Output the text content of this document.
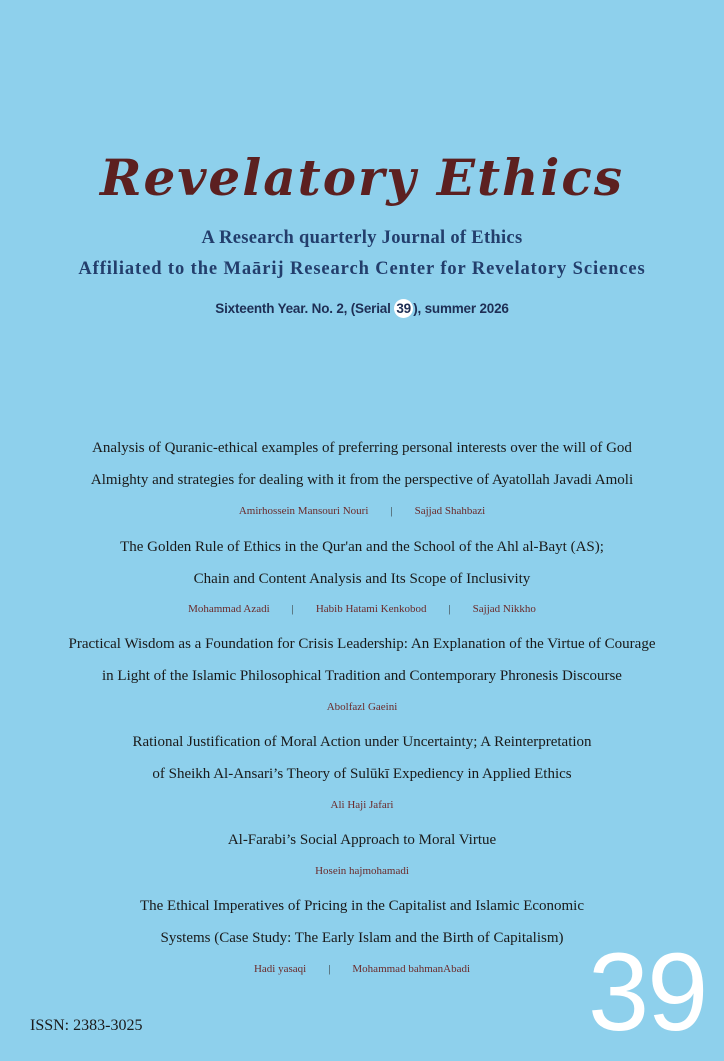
Revelatory Ethics
A Research quarterly Journal of Ethics
Affiliated to the Maārij Research Center for Revelatory Sciences
Sixteenth Year. No. 2, (Serial 39 ), summer 2026
Analysis of Quranic-ethical examples of preferring personal interests over the will of God
Almighty and strategies for dealing with it from the perspective of Ayatollah Javadi Amoli
Amirhossein Mansouri Nouri | Sajjad Shahbazi
The Golden Rule of Ethics in the Qur'an and the School of the Ahl al-Bayt (AS);
Chain and Content Analysis and Its Scope of Inclusivity
Mohammad Azadi | Habib Hatami Kenkobod | Sajjad Nikkho
Practical Wisdom as a Foundation for Crisis Leadership: An Explanation of the Virtue of Courage
in Light of the Islamic Philosophical Tradition and Contemporary Phronesis Discourse
Abolfazl Gaeini
Rational Justification of Moral Action under Uncertainty; A Reinterpretation
of Sheikh Al-Ansari’s Theory of Sulūkī Expediency in Applied Ethics
Ali Haji Jafari
Al-Farabi’s Social Approach to Moral Virtue
Hosein hajmohamadi
The Ethical Imperatives of Pricing in the Capitalist and Islamic Economic
Systems (Case Study: The Early Islam and the Birth of Capitalism)
Hadi yasaqi | Mohammad bahmanAbadi
ISSN: 2383-3025	39
